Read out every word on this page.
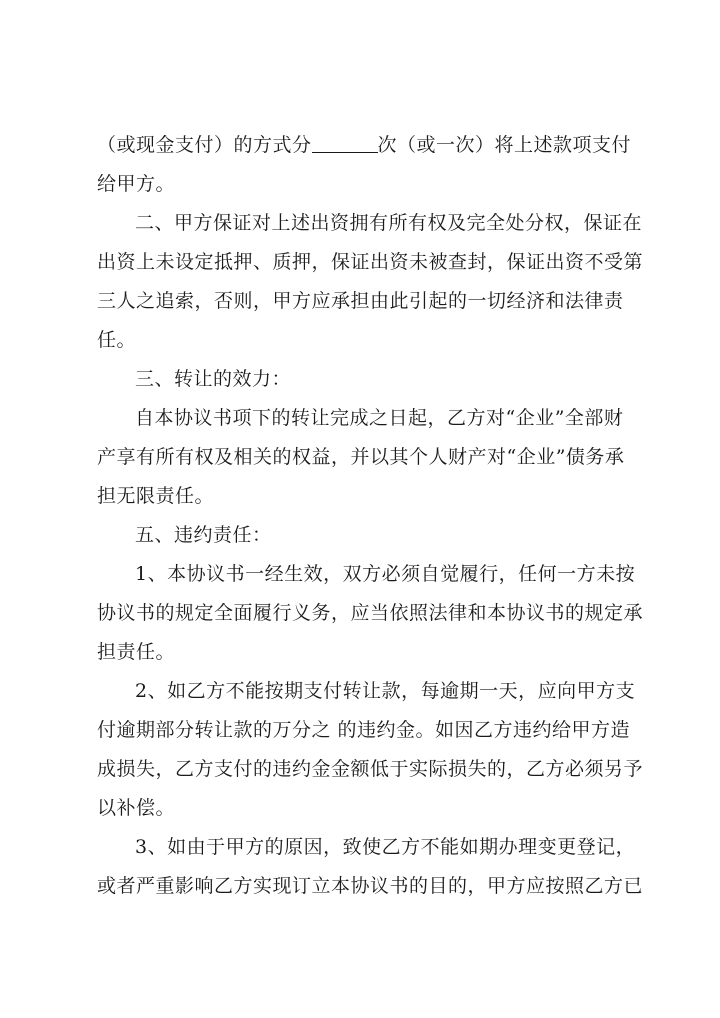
（或现金支付）的方式分	次（或一次）将上述款项支付
给甲方。

二、甲方保证对上述出资拥有所有权及完全处分权，保证在
出资上未设定抵押、质押，保证出资未被查封，保证出资不受第
三人之追索，否则，甲方应承担由此引起的一切经济和法律责
任。

三、转让的效力：

自本协议书项下的转让完成之日起，乙方对“企业”全部财
产享有所有权及相关的权益，并以其个人财产对“企业”债务承
担无限责任。

五、违约责任：

1、本协议书一经生效，双方必须自觉履行，任何一方未按
协议书的规定全面履行义务，应当依照法律和本协议书的规定承
担责任。

2、如乙方不能按期支付转让款，每逾期一天，应向甲方支
付逾期部分转让款的万分之 的违约金。如因乙方违约给甲方造
成损失，乙方支付的违约金金额低于实际损失的，乙方必须另予
以补偿。

3、如由于甲方的原因，致使乙方不能如期办理变更登记，
或者严重影响乙方实现订立本协议书的目的，甲方应按照乙方已
